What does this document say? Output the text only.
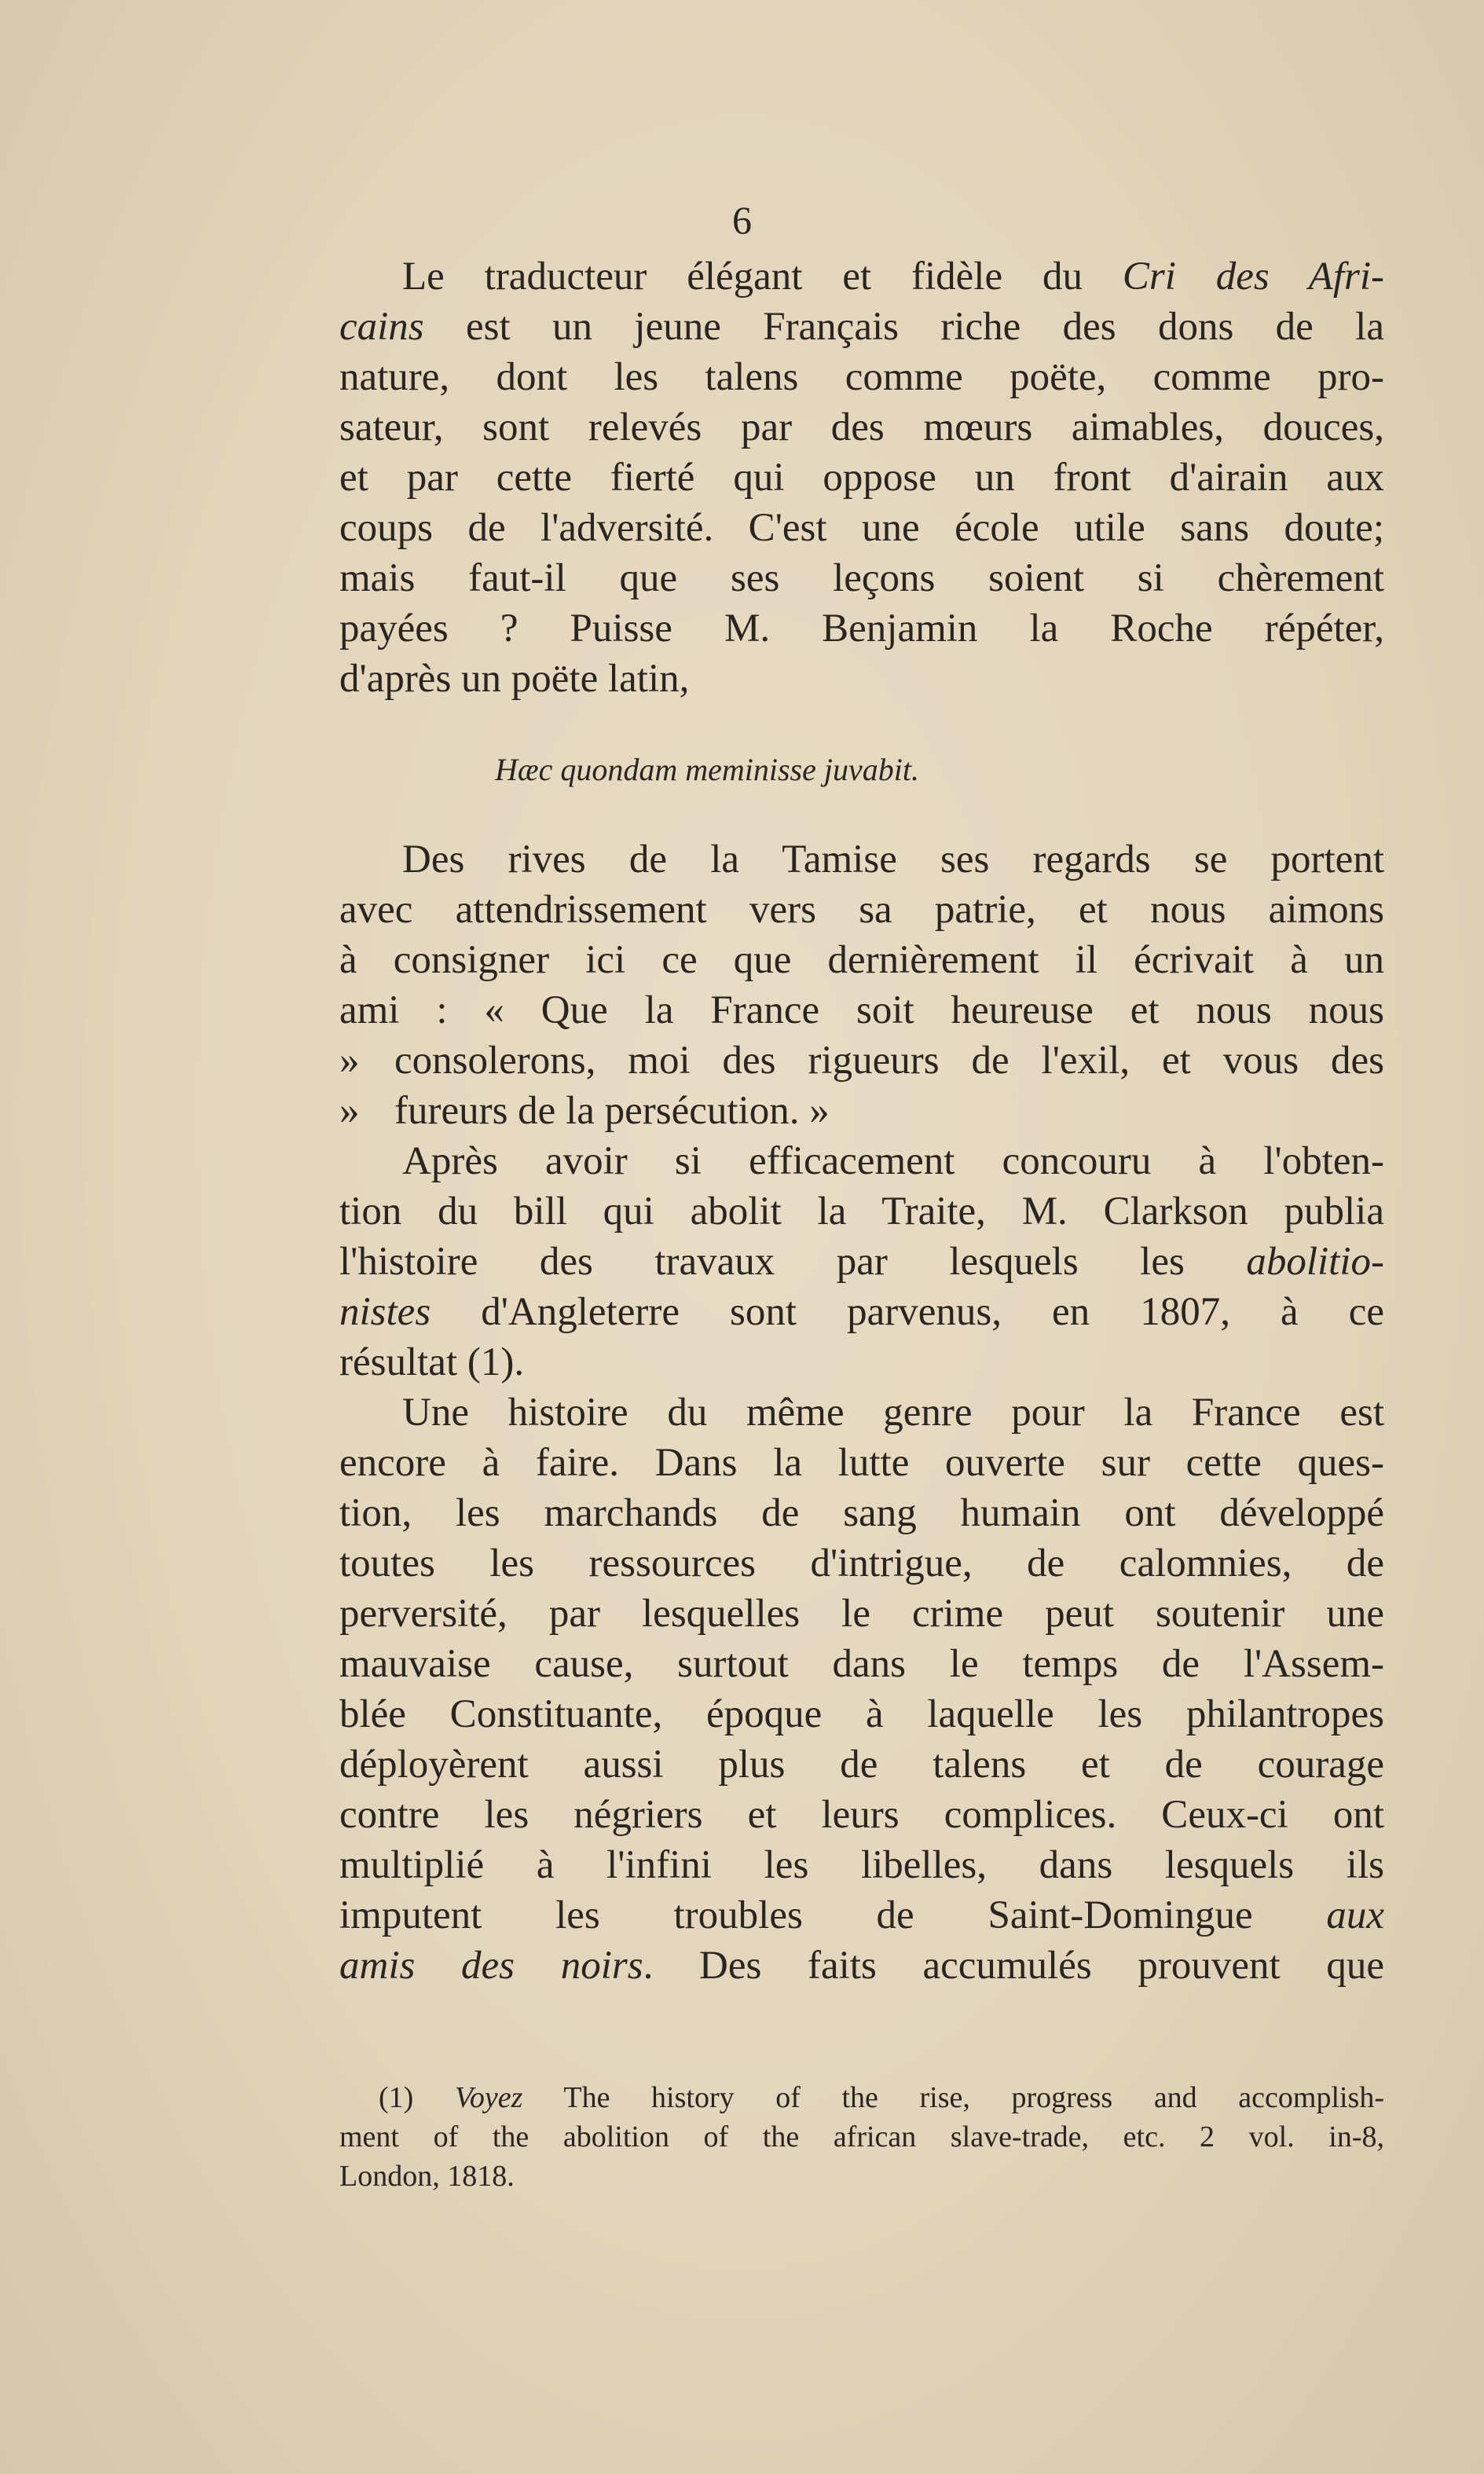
6
Le traducteur élégant et fidèle du Cri des Afri-
cains est un jeune Français riche des dons de la
nature, dont les talens comme poëte, comme pro-
sateur, sont relevés par des mœurs aimables, douces,
et par cette fierté qui oppose un front d'airain aux
coups de l'adversité. C'est une école utile sans doute;
mais faut-il que ses leçons soient si chèrement
payées ? Puisse M. Benjamin la Roche répéter,
d'après un poëte latin,
Hæc quondam meminisse juvabit.
Des rives de la Tamise ses regards se portent
avec attendrissement vers sa patrie, et nous aimons
à consigner ici ce que dernièrement il écrivait à un
ami : « Que la France soit heureuse et nous nous
» consolerons, moi des rigueurs de l'exil, et vous des
» fureurs de la persécution. »
Après avoir si efficacement concouru à l'obten-
tion du bill qui abolit la Traite, M. Clarkson publia
l'histoire des travaux par lesquels les abolitio-
nistes d'Angleterre sont parvenus, en 1807, à ce
résultat (1).
Une histoire du même genre pour la France est
encore à faire. Dans la lutte ouverte sur cette ques-
tion, les marchands de sang humain ont développé
toutes les ressources d'intrigue, de calomnies, de
perversité, par lesquelles le crime peut soutenir une
mauvaise cause, surtout dans le temps de l'Assem-
blée Constituante, époque à laquelle les philantropes
déployèrent aussi plus de talens et de courage
contre les négriers et leurs complices. Ceux-ci ont
multiplié à l'infini les libelles, dans lesquels ils
imputent les troubles de Saint-Domingue aux
amis des noirs. Des faits accumulés prouvent que
(1) Voyez The history of the rise, progress and accomplish-
ment of the abolition of the african slave-trade, etc. 2 vol. in-8,
London, 1818.
